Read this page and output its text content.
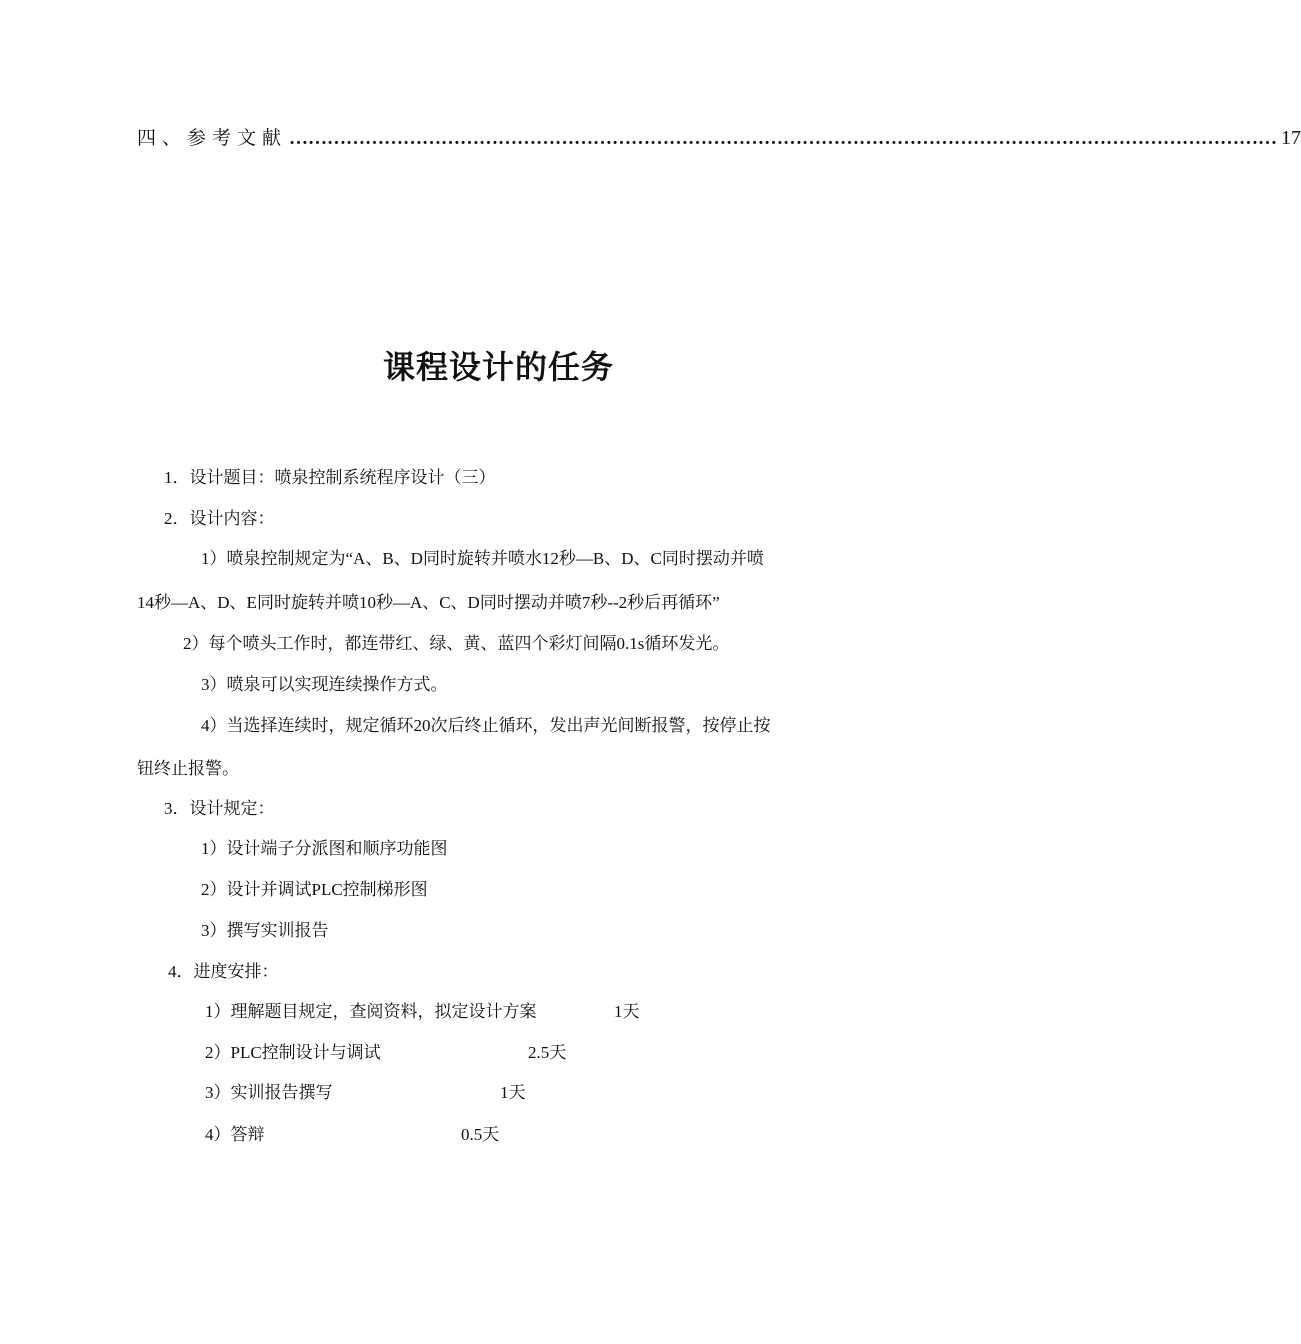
四、参考文献 ………………………………………………………………………………………………………………………………………… 17
课程设计的任务
1．设计题目：喷泉控制系统程序设计（三）
2．设计内容：
1）喷泉控制规定为“A、B、D同时旋转并喷水12秒—B、D、C同时摆动并喷
14秒—A、D、E同时旋转并喷10秒—A、C、D同时摆动并喷7秒--2秒后再循环”
2）每个喷头工作时，都连带红、绿、黄、蓝四个彩灯间隔0.1s循环发光。
3）喷泉可以实现连续操作方式。
4）当选择连续时，规定循环20次后终止循环，发出声光间断报警，按停止按
钮终止报警。
3．设计规定：
1）设计端子分派图和顺序功能图
2）设计并调试PLC控制梯形图
3）撰写实训报告
4．进度安排：
1）理解题目规定，查阅资料，拟定设计方案	1天
2）PLC控制设计与调试	2.5天
3）实训报告撰写	1天
4）答辩	0.5天
